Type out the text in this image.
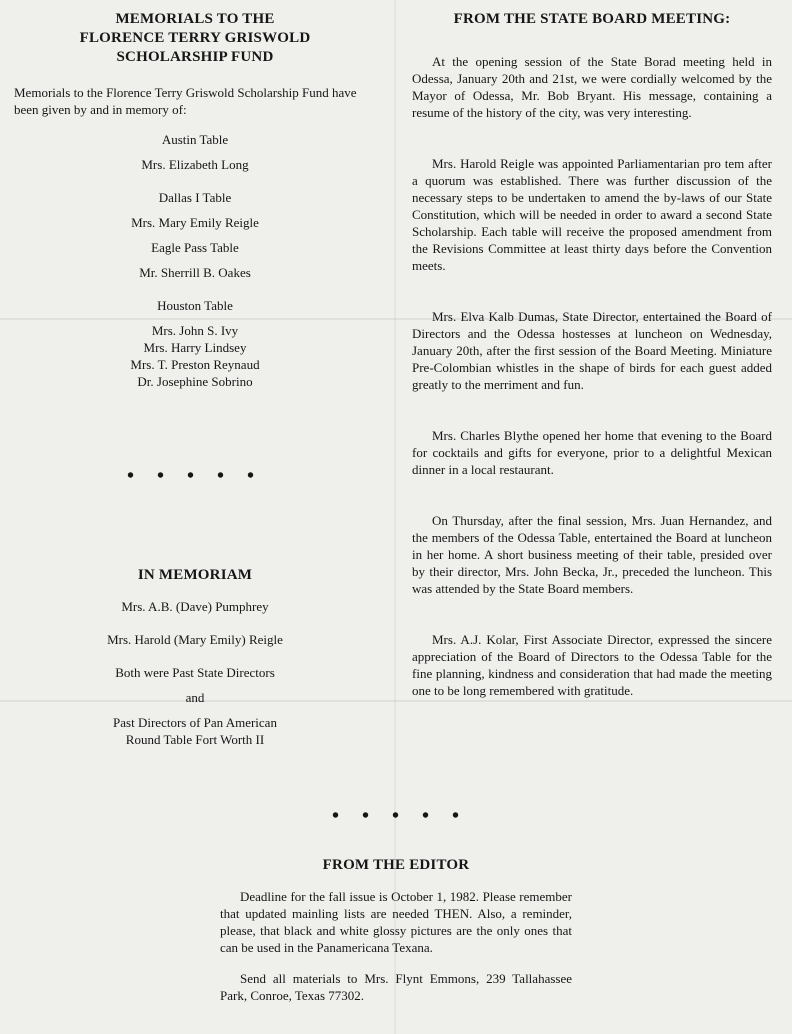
MEMORIALS TO THE
FLORENCE TERRY GRISWOLD
SCHOLARSHIP FUND

Memorials to the Florence Terry Griswold Scholarship Fund have been given by and in memory of:

Austin Table
Mrs. Elizabeth Long
Dallas I Table
Mrs. Mary Emily Reigle
Eagle Pass Table
Mr. Sherrill B. Oakes
Houston Table
Mrs. John S. Ivy
Mrs. Harry Lindsey
Mrs. T. Preston Reynaud
Dr. Josephine Sobrino
• • • • •
IN MEMORIAM
Mrs. A.B. (Dave) Pumphrey
Mrs. Harold (Mary Emily) Reigle
Both were Past State Directors
and
Past Directors of Pan American
Round Table Fort Worth II
FROM THE STATE BOARD MEETING:

At the opening session of the State Borad meeting held in Odessa, January 20th and 21st, we were cordially welcomed by the Mayor of Odessa, Mr. Bob Bryant. His message, containing a resume of the history of the city, was very interesting.

Mrs. Harold Reigle was appointed Parliamentarian pro tem after a quorum was established. There was further discussion of the necessary steps to be undertaken to amend the by-laws of our State Constitution, which will be needed in order to award a second State Scholarship. Each table will receive the proposed amendment from the Revisions Committee at least thirty days before the Convention meets.

Mrs. Elva Kalb Dumas, State Director, entertained the Board of Directors and the Odessa hostesses at luncheon on Wednesday, January 20th, after the first session of the Board Meeting. Miniature Pre-Colombian whistles in the shape of birds for each guest added greatly to the merriment and fun.

Mrs. Charles Blythe opened her home that evening to the Board for cocktails and gifts for everyone, prior to a delightful Mexican dinner in a local restaurant.

On Thursday, after the final session, Mrs. Juan Hernandez, and the members of the Odessa Table, entertained the Board at luncheon in her home. A short business meeting of their table, presided over by their director, Mrs. John Becka, Jr., preceded the luncheon. This was attended by the State Board members.

Mrs. A.J. Kolar, First Associate Director, expressed the sincere appreciation of the Board of Directors to the Odessa Table for the fine planning, kindness and consideration that had made the meeting one to be long remembered with gratitude.

• • • • •
FROM THE EDITOR

Deadline for the fall issue is October 1, 1982. Please remember that updated mainling lists are needed THEN. Also, a reminder, please, that black and white glossy pictures are the only ones that can be used in the Panamericana Texana.

Send all materials to Mrs. Flynt Emmons, 239 Tallahassee Park, Conroe, Texas 77302.
